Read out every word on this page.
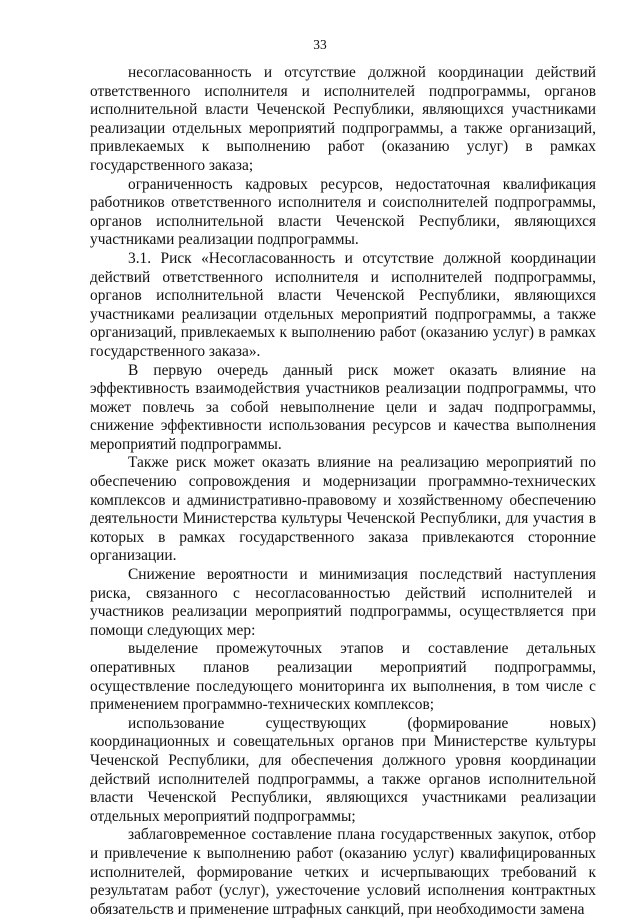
33

несогласованность и отсутствие должной координации действий ответственного исполнителя и исполнителей подпрограммы, органов исполнительной власти Чеченской Республики, являющихся участниками реализации отдельных мероприятий подпрограммы, а также организаций, привлекаемых к выполнению работ (оказанию услуг) в рамках государственного заказа;

ограниченность кадровых ресурсов, недостаточная квалификация работников ответственного исполнителя и соисполнителей подпрограммы, органов исполнительной власти Чеченской Республики, являющихся участниками реализации подпрограммы.

3.1. Риск «Несогласованность и отсутствие должной координации действий ответственного исполнителя и исполнителей подпрограммы, органов исполнительной власти Чеченской Республики, являющихся участниками реализации отдельных мероприятий подпрограммы, а также организаций, привлекаемых к выполнению работ (оказанию услуг) в рамках государственного заказа».

В первую очередь данный риск может оказать влияние на эффективность взаимодействия участников реализации подпрограммы, что может повлечь за собой невыполнение цели и задач подпрограммы, снижение эффективности использования ресурсов и качества выполнения мероприятий подпрограммы.

Также риск может оказать влияние на реализацию мероприятий по обеспечению сопровождения и модернизации программно-технических комплексов и административно-правовому и хозяйственному обеспечению деятельности Министерства культуры Чеченской Республики, для участия в которых в рамках государственного заказа привлекаются сторонние организации.

Снижение вероятности и минимизация последствий наступления риска, связанного с несогласованностью действий исполнителей и участников реализации мероприятий подпрограммы, осуществляется при помощи следующих мер:

выделение промежуточных этапов и составление детальных оперативных планов реализации мероприятий подпрограммы, осуществление последующего мониторинга их выполнения, в том числе с применением программно-технических комплексов;

использование существующих (формирование новых) координационных и совещательных органов при Министерстве культуры Чеченской Республики, для обеспечения должного уровня координации действий исполнителей подпрограммы, а также органов исполнительной власти Чеченской Республики, являющихся участниками реализации отдельных мероприятий подпрограммы;

заблаговременное составление плана государственных закупок, отбор и привлечение к выполнению работ (оказанию услуг) квалифицированных исполнителей, формирование четких и исчерпывающих требований к результатам работ (услуг), ужесточение условий исполнения контрактных обязательств и применение штрафных санкций, при необходимости замена
